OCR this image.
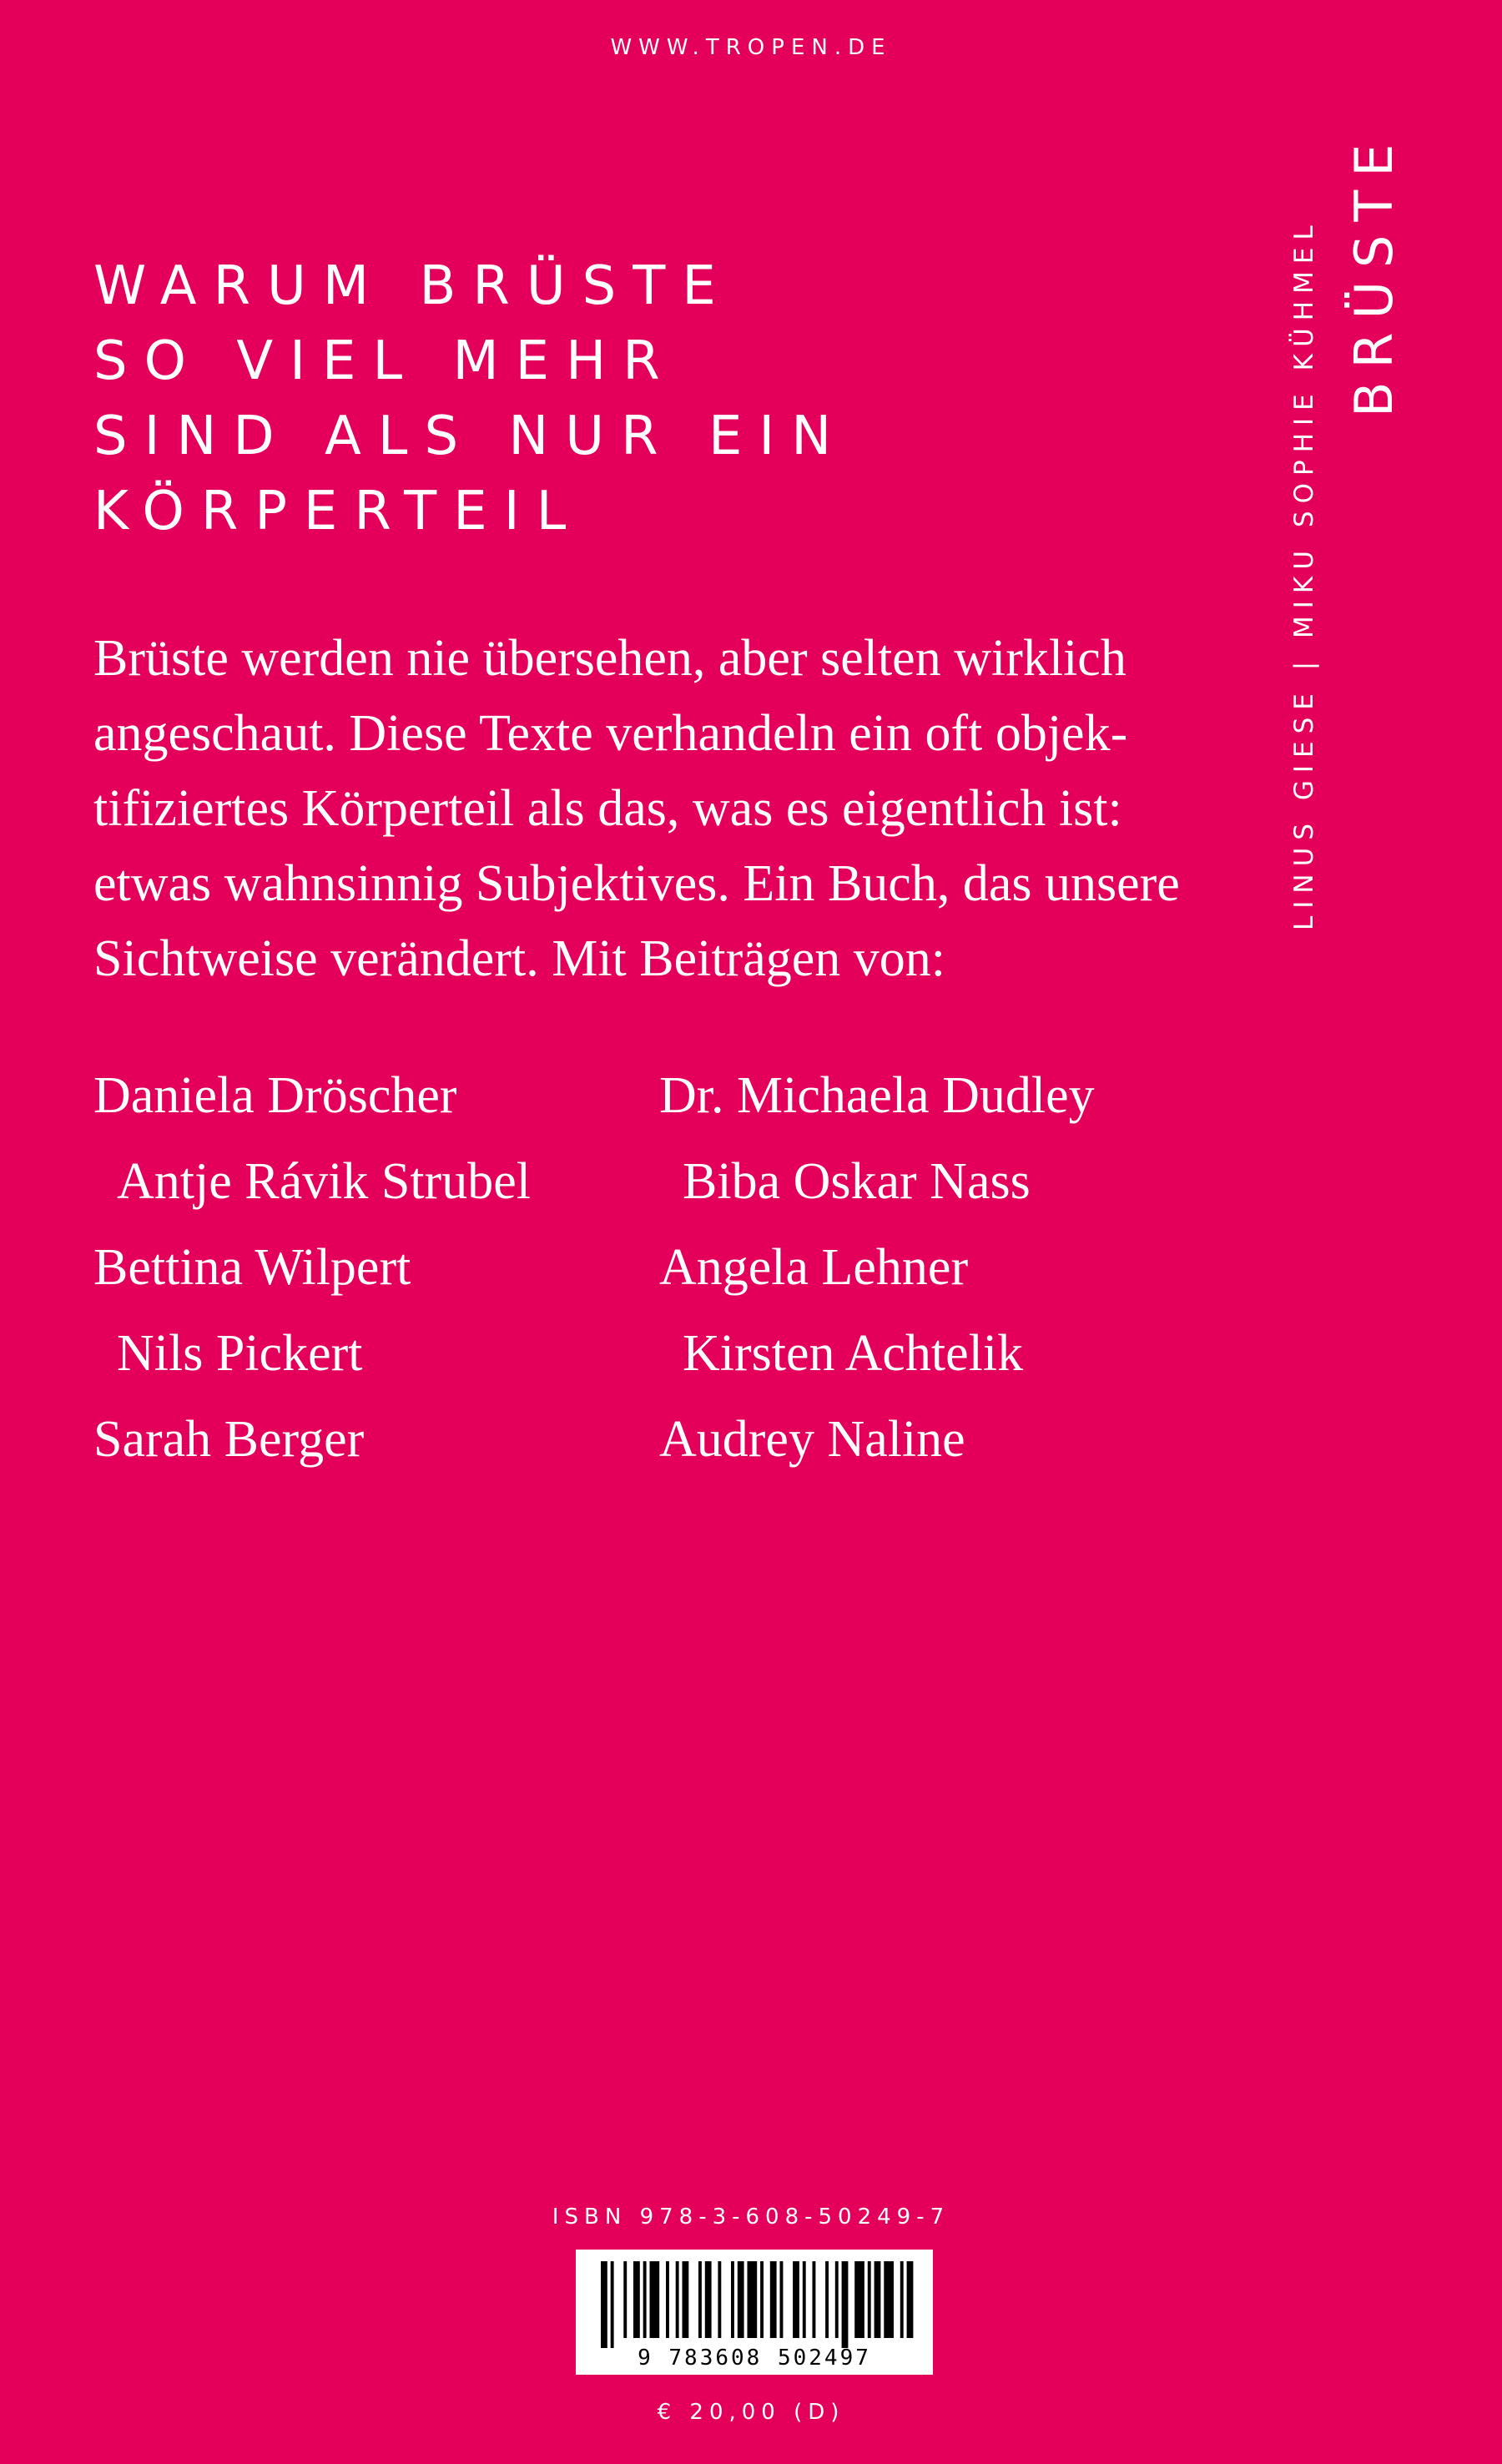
WWW.TROPEN.DE
WARUM BRÜSTE
SO VIEL MEHR
SIND ALS NUR EIN
KÖRPERTEIL
Brüste werden nie übersehen, aber selten wirklich
angeschaut. Diese Texte verhandeln ein oft objek-
tifiziertes Körperteil als das, was es eigentlich ist:
etwas wahnsinnig Subjektives. Ein Buch, das unsere
Sichtweise verändert. Mit Beiträgen von:
Daniela Dröscher	Dr. Michaela Dudley
Antje Rávik Strubel	Biba Oskar Nass
Bettina Wilpert	Angela Lehner
Nils Pickert	Kirsten Achtelik
Sarah Berger	Audrey Naline
LINUS GIESE | MIKU SOPHIE KÜHMEL BRÜSTE
ISBN 978-3-608-50249-7
9 783608 502497
€ 20,00 (D)
